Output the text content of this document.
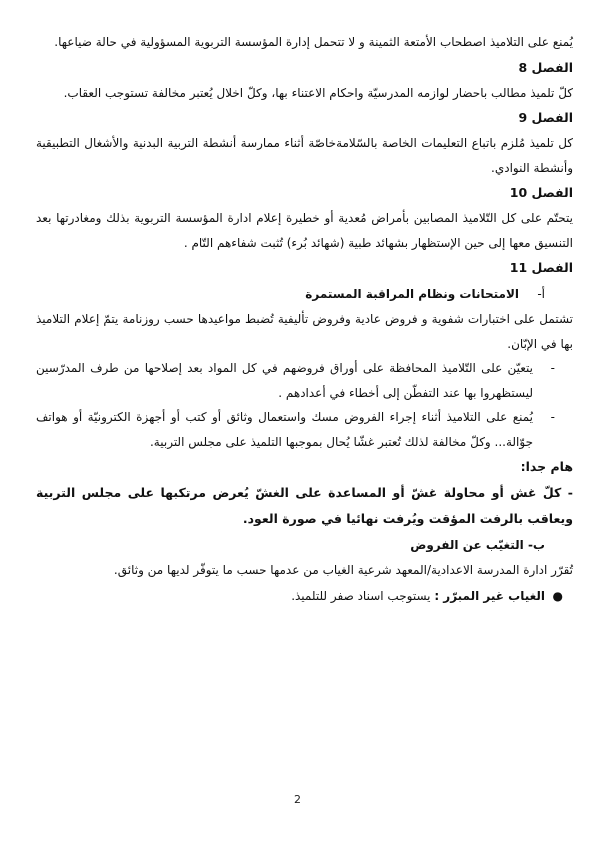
يُمنع على التلاميذ اصطحاب الأمتعة الثمينة و لا تتحمل إدارة المؤسسة التربوية المسؤولية في حالة ضياعها.

الفصل 8

كلّ تلميذ مطالب باحضار لوازمه المدرسيّة واحكام الاعتناء بها، وكلّ اخلال يُعتبر مخالفة تستوجب العقاب.

الفصل 9

كل تلميذ مُلزم باتباع التعليمات الخاصة بالسّلامةخاصّة أثناء ممارسة أنشطة التربية البدنية والأشغال التطبيقية وأنشطة النوادي.

الفصل 10

يتحتّم على كل التّلاميذ المصابين بأمراض مُعدية أو خطيرة إعلام ادارة المؤسسة التربوية بذلك ومغادرتها بعد التنسيق معها إلى حين الإستظهار بشهائد طبية (شهائد بُرء) تُثبت شفاءهم التّام .

الفصل 11

أ-الامتحانات ونظام المراقبة المستمرة

تشتمل على اختبارات شفوية و فروض عادية وفروض تأليفية تُضبط مواعيدها حسب روزنامة يتمّ إعلام التلاميذ بها في الإبّان.

-
يتعيّن على التّلاميذ المحافظة على أوراق فروضهم في كل المواد بعد إصلاحها من طرف المدرّسين ليستظهروا بها عند التفطّن إلى أخطاء في أعدادهم .

-
يُمنع على التلاميذ أثناء إجراء الفروض مسك واستعمال وثائق أو كتب أو أجهزة الكترونيّة أو هواتف جوّالة... وكلّ مخالفة لذلك تُعتبر غشّا يُحال بموجبها التلميذ على مجلس التربية.

هام جدا:

- كلّ غش أو محاولة غشّ أو المساعدة على الغشّ يُعرض مرتكبها على مجلس التربية ويعاقب بالرفت المؤقت ويُرفت نهائيا في صورة العود.

ب- التغيّب عن الفروض

تُقرّر ادارة المدرسة الاعدادية/المعهد شرعية الغياب من عدمها حسب ما يتوفّر لديها من وثائق.

●
الغياب غير المبرّر : يستوجب اسناد صفر للتلميذ.

2
